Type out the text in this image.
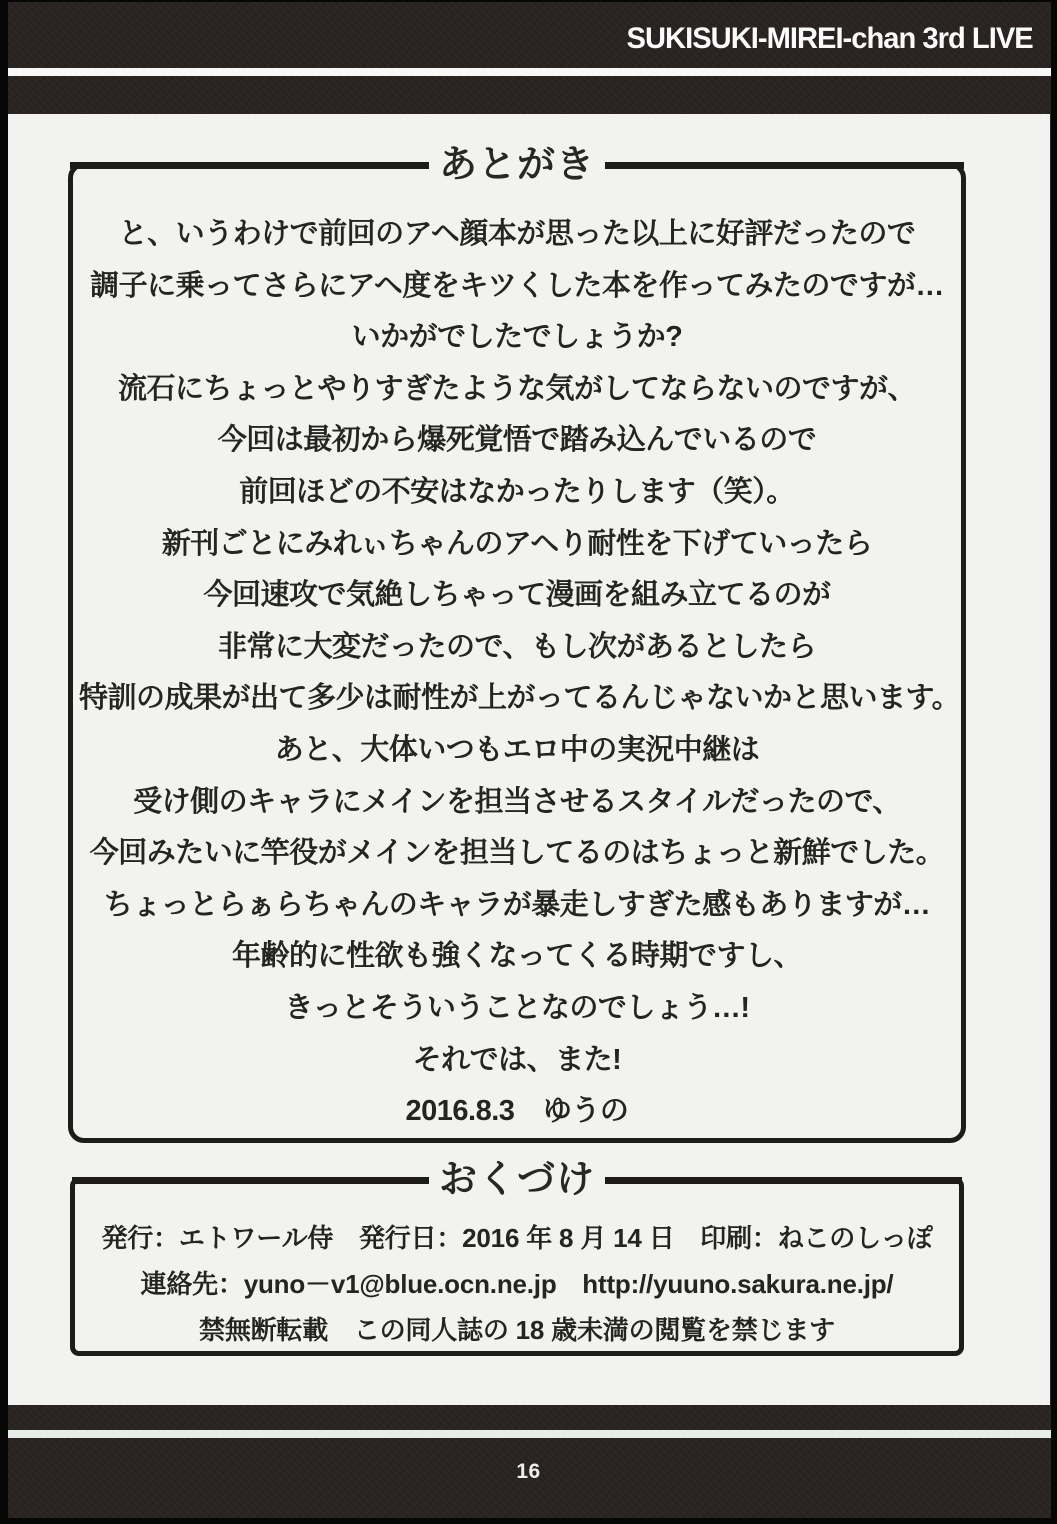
SUKISUKI-MIREI-chan 3rd LIVE
あとがき
と、いうわけで前回のアヘ顔本が思った以上に好評だったので
調子に乗ってさらにアヘ度をキツくした本を作ってみたのですが…
いかがでしたでしょうか?
流石にちょっとやりすぎたような気がしてならないのですが、
今回は最初から爆死覚悟で踏み込んでいるので
前回ほどの不安はなかったりします（笑）。
新刊ごとにみれぃちゃんのアヘり耐性を下げていったら
今回速攻で気絶しちゃって漫画を組み立てるのが
非常に大変だったので、もし次があるとしたら
特訓の成果が出て多少は耐性が上がってるんじゃないかと思います。
あと、大体いつもエロ中の実況中継は
受け側のキャラにメインを担当させるスタイルだったので、
今回みたいに竿役がメインを担当してるのはちょっと新鮮でした。
ちょっとらぁらちゃんのキャラが暴走しすぎた感もありますが…
年齢的に性欲も強くなってくる時期ですし、
きっとそういうことなのでしょう…!
それでは、また!
2016.8.3　ゆうの
おくづけ
発行：エトワール侍　発行日：2016 年 8 月 14 日　印刷：ねこのしっぽ
連絡先：yuno－v1@blue.ocn.ne.jp　http://yuuno.sakura.ne.jp/
禁無断転載　この同人誌の 18 歳未満の閲覧を禁じます
16
